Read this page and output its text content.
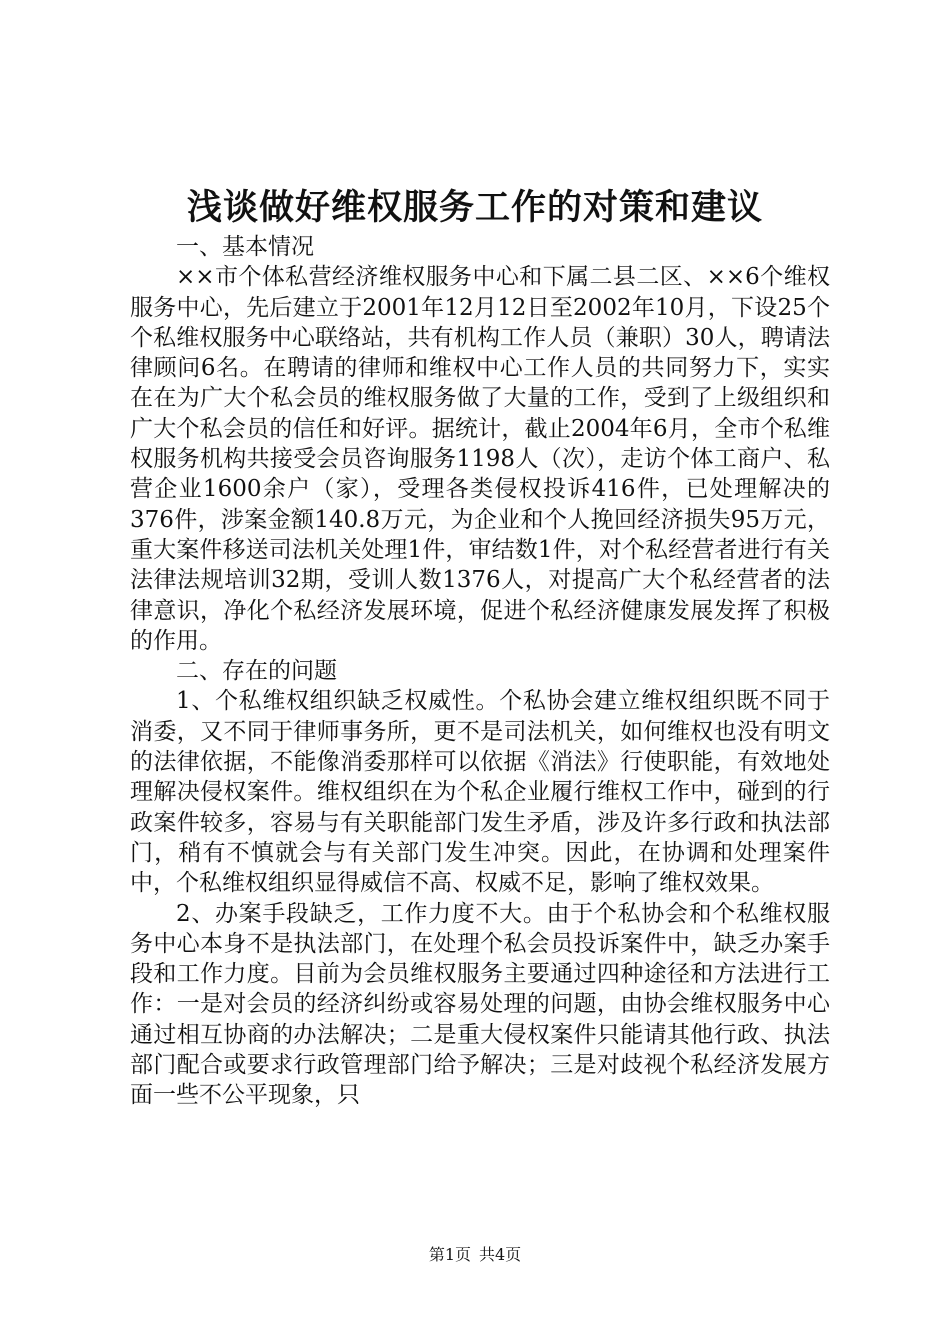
浅谈做好维权服务工作的对策和建议

一、基本情况

××市个体私营经济维权服务中心和下属二县二区、××6个维权服务中心，先后建立于2001年12月12日至2002年10月，下设25个个私维权服务中心联络站，共有机构工作人员（兼职）30人，聘请法律顾问6名。在聘请的律师和维权中心工作人员的共同努力下，实实在在为广大个私会员的维权服务做了大量的工作，受到了上级组织和广大个私会员的信任和好评。据统计，截止2004年6月，全市个私维权服务机构共接受会员咨询服务1198人（次），走访个体工商户、私营企业1600余户（家），受理各类侵权投诉416件，已处理解决的376件，涉案金额140.8万元，为企业和个人挽回经济损失95万元，重大案件移送司法机关处理1件，审结数1件，对个私经营者进行有关法律法规培训32期，受训人数1376人，对提高广大个私经营者的法律意识，净化个私经济发展环境，促进个私经济健康发展发挥了积极的作用。

二、存在的问题

1、个私维权组织缺乏权威性。个私协会建立维权组织既不同于消委，又不同于律师事务所，更不是司法机关，如何维权也没有明文的法律依据，不能像消委那样可以依据《消法》行使职能，有效地处理解决侵权案件。维权组织在为个私企业履行维权工作中，碰到的行政案件较多，容易与有关职能部门发生矛盾，涉及许多行政和执法部门，稍有不慎就会与有关部门发生冲突。因此，在协调和处理案件中，个私维权组织显得威信不高、权威不足，影响了维权效果。

2、办案手段缺乏，工作力度不大。由于个私协会和个私维权服务中心本身不是执法部门，在处理个私会员投诉案件中，缺乏办案手段和工作力度。目前为会员维权服务主要通过四种途径和方法进行工作：一是对会员的经济纠纷或容易处理的问题，由协会维权服务中心通过相互协商的办法解决；二是重大侵权案件只能请其他行政、执法部门配合或要求行政管理部门给予解决；三是对歧视个私经济发展方面一些不公平现象，只

第1页 共4页
